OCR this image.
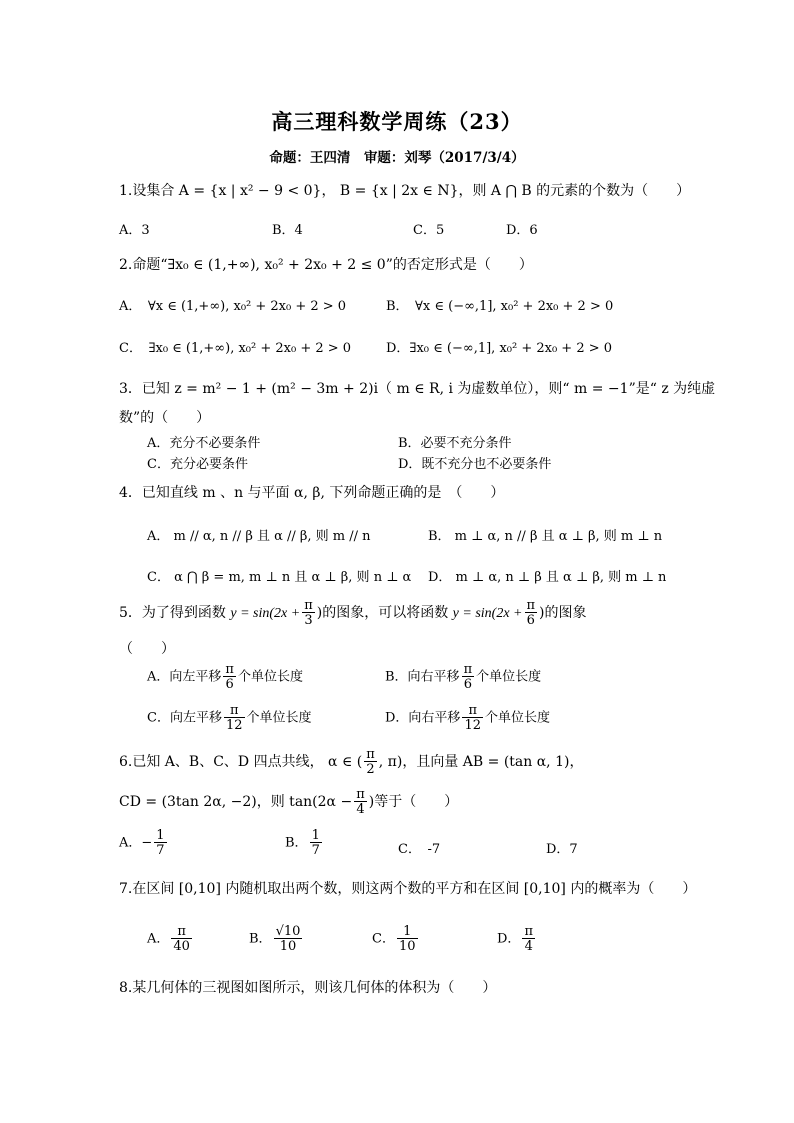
高三理科数学周练（23）
命题：王四清　审题：刘琴（2017/3/4）
1.设集合 A = {x | x² − 9 < 0}， B = {x | 2x ∈ N}，则 A ⋂ B 的元素的个数为（　　）
A．3	B．4	C．5	D．6
2.命题“∃x₀ ∈ (1,+∞), x₀² + 2x₀ + 2 ≤ 0”的否定形式是（　　）
A．　∀x ∈ (1,+∞), x₀² + 2x₀ + 2 > 0	B．　∀x ∈ (−∞,1], x₀² + 2x₀ + 2 > 0
C．　∃x₀ ∈ (1,+∞), x₀² + 2x₀ + 2 > 0	D．∃x₀ ∈ (−∞,1], x₀² + 2x₀ + 2 > 0
3．已知 z = m² − 1 + (m² − 3m + 2)i（ m ∈ R, i 为虚数单位），则“ m = −1”是“ z 为纯虚
数”的（　　）
A．充分不必要条件	B．必要不充分条件
C．充分必要条件	D．既不充分也不必要条件
4．已知直线 m 、n 与平面 α, β, 下列命题正确的是　（　　）
A． m // α, n // β 且 α // β, 则 m // n	B． m ⊥ α, n // β 且 α ⊥ β, 则 m ⊥ n
C． α ⋂ β = m, m ⊥ n 且 α ⊥ β, 则 n ⊥ α D． m ⊥ α, n ⊥ β 且 α ⊥ β, 则 m ⊥ n
5．为了得到函数 $y = \sin(2x + \frac{\pi}{3}$ )的图象，可以将函数 $y = \sin(2x + \frac{\pi}{6}$ )的图象
（　　）
A．向左平移 $\frac{\pi}{6}$ 个单位长度	B．向右平移 $\frac{\pi}{6}$ 个单位长度
C．向左平移 $\frac{\pi}{12}$ 个单位长度	D．向右平移 $\frac{\pi}{12}$ 个单位长度
6.已知 A、B、C、D 四点共线， α ∈ ( $\frac{\pi}{2}$ , π)，且向量 AB = (tan α, 1)，
CD = (3tan 2α, −2)，则 $\tan(2\alpha - \frac{\pi}{4}$ )等于（　　）
A．− $\frac{1}{7}$	B． $\frac{1}{7}$	C．　-7	D．7
7.在区间 [0,10] 内随机取出两个数，则这两个数的平方和在区间 [0,10] 内的概率为（　　）
A． $\frac{\pi}{40}$	B． $\frac{√10}{10}$	C． $\frac{1}{10}$	D． $\frac{\pi}{4}$
8.某几何体的三视图如图所示，则该几何体的体积为（　　）
